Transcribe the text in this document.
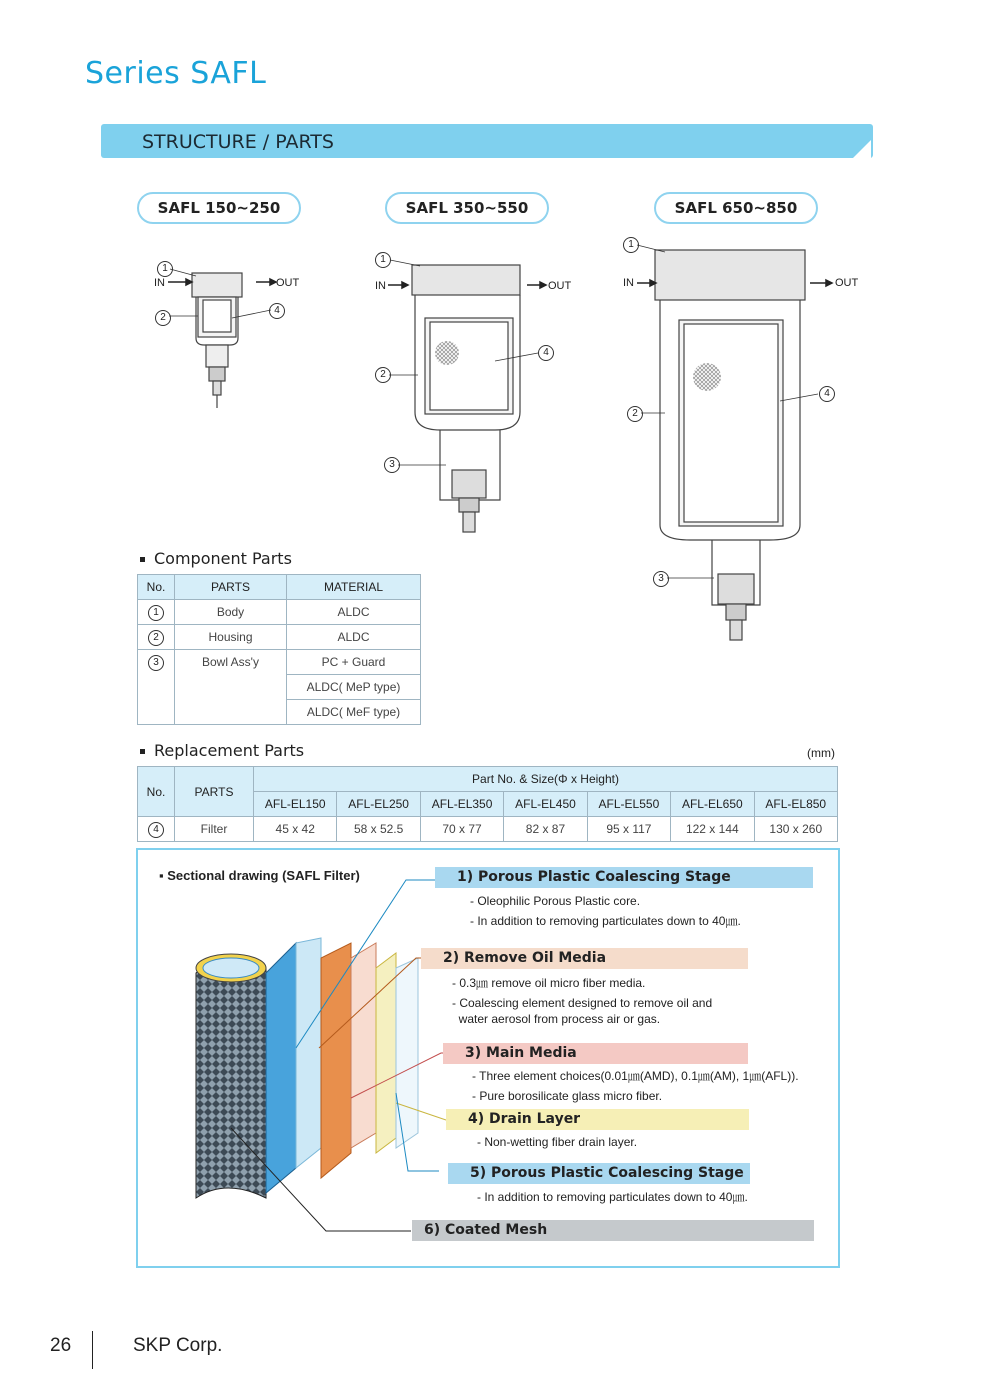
Series SAFL
STRUCTURE / PARTS
SAFL 150~250	SAFL 350~550	SAFL 650~850
IN	OUT	IN	OUT	IN	OUT
1
2
4
1
2
4
3
1
2
4
3
Component Parts
No.	PARTS	MATERIAL
1	Body	ALDC
2	Housing	ALDC
3	Bowl Ass'y	PC + Guard
		ALDC( MeP type)
		ALDC( MeF type)
Replacement Parts	(mm)
No.	PARTS	Part No. & Size(Φ x Height)						
		AFL-EL150	AFL-EL250	AFL-EL350	AFL-EL450	AFL-EL550	AFL-EL650	AFL-EL850
4	Filter	45 x 42	58 x 52.5	70 x 77	82 x 87	95 x 117	122 x 144	130 x 260
▪ Sectional drawing (SAFL Filter)	1) Porous Plastic Coalescing Stage
- Oleophilic Porous Plastic core.
- In addition to removing particulates down to 40㎛.
2) Remove Oil Media
- 0.3㎛ remove oil micro fiber media.
- Coalescing element designed to remove oil and
water aerosol from process air or gas.
3) Main Media
- Three element choices(0.01㎛(AMD), 0.1㎛(AM), 1㎛(AFL)).
- Pure borosilicate glass micro fiber.
4) Drain Layer
- Non-wetting fiber drain layer.
5) Porous Plastic Coalescing Stage
- In addition to removing particulates down to 40㎛.
6) Coated Mesh
26	SKP Corp.
